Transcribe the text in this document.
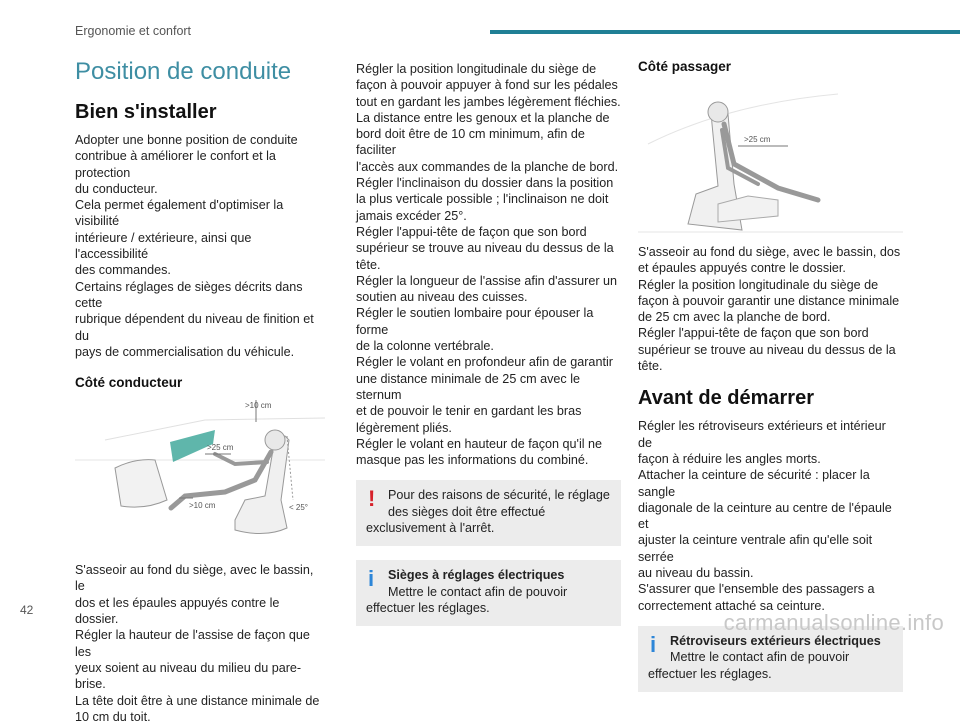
Ergonomie et confort
Position de conduite
Bien s'installer
Adopter une bonne position de conduite
contribue à améliorer le confort et la protection
du conducteur.
Cela permet également d'optimiser la visibilité
intérieure / extérieure, ainsi que l'accessibilité
des commandes.
Certains réglages de sièges décrits dans cette
rubrique dépendent du niveau de finition et du
pays de commercialisation du véhicule.
Côté conducteur
>10 cm
>25 cm
>10 cm	< 25°
S'asseoir au fond du siège, avec le bassin, le
dos et les épaules appuyés contre le dossier.
Régler la hauteur de l'assise de façon que les
yeux soient au niveau du milieu du pare-brise.
La tête doit être à une distance minimale de
10 cm du toit.
Régler la position longitudinale du siège de
façon à pouvoir appuyer à fond sur les pédales
tout en gardant les jambes légèrement fléchies.
La distance entre les genoux et la planche de
bord doit être de 10 cm minimum, afin de faciliter
l'accès aux commandes de la planche de bord.
Régler l'inclinaison du dossier dans la position
la plus verticale possible ; l'inclinaison ne doit
jamais excéder 25°.
Régler l'appui-tête de façon que son bord
supérieur se trouve au niveau du dessus de la
tête.
Régler la longueur de l'assise afin d'assurer un
soutien au niveau des cuisses.
Régler le soutien lombaire pour épouser la forme
de la colonne vertébrale.
Régler le volant en profondeur afin de garantir
une distance minimale de 25 cm avec le sternum
et de pouvoir le tenir en gardant les bras
légèrement pliés.
Régler le volant en hauteur de façon qu'il ne
masque pas les informations du combiné.
!	Pour des raisons de sécurité, le réglage
des sièges doit être effectué
exclusivement à l'arrêt.
i	Sièges à réglages électriques
Mettre le contact afin de pouvoir
effectuer les réglages.
Côté passager
>25 cm
S'asseoir au fond du siège, avec le bassin, dos
et épaules appuyés contre le dossier.
Régler la position longitudinale du siège de
façon à pouvoir garantir une distance minimale
de 25 cm avec la planche de bord.
Régler l'appui-tête de façon que son bord
supérieur se trouve au niveau du dessus de la
tête.
Avant de démarrer
Régler les rétroviseurs extérieurs et intérieur de
façon à réduire les angles morts.
Attacher la ceinture de sécurité : placer la sangle
diagonale de la ceinture au centre de l'épaule et
ajuster la ceinture ventrale afin qu'elle soit serrée
au niveau du bassin.
S'assurer que l'ensemble des passagers a
correctement attaché sa ceinture.
i	Rétroviseurs extérieurs électriques
Mettre le contact afin de pouvoir
effectuer les réglages.
42	carmanualsonline.info
